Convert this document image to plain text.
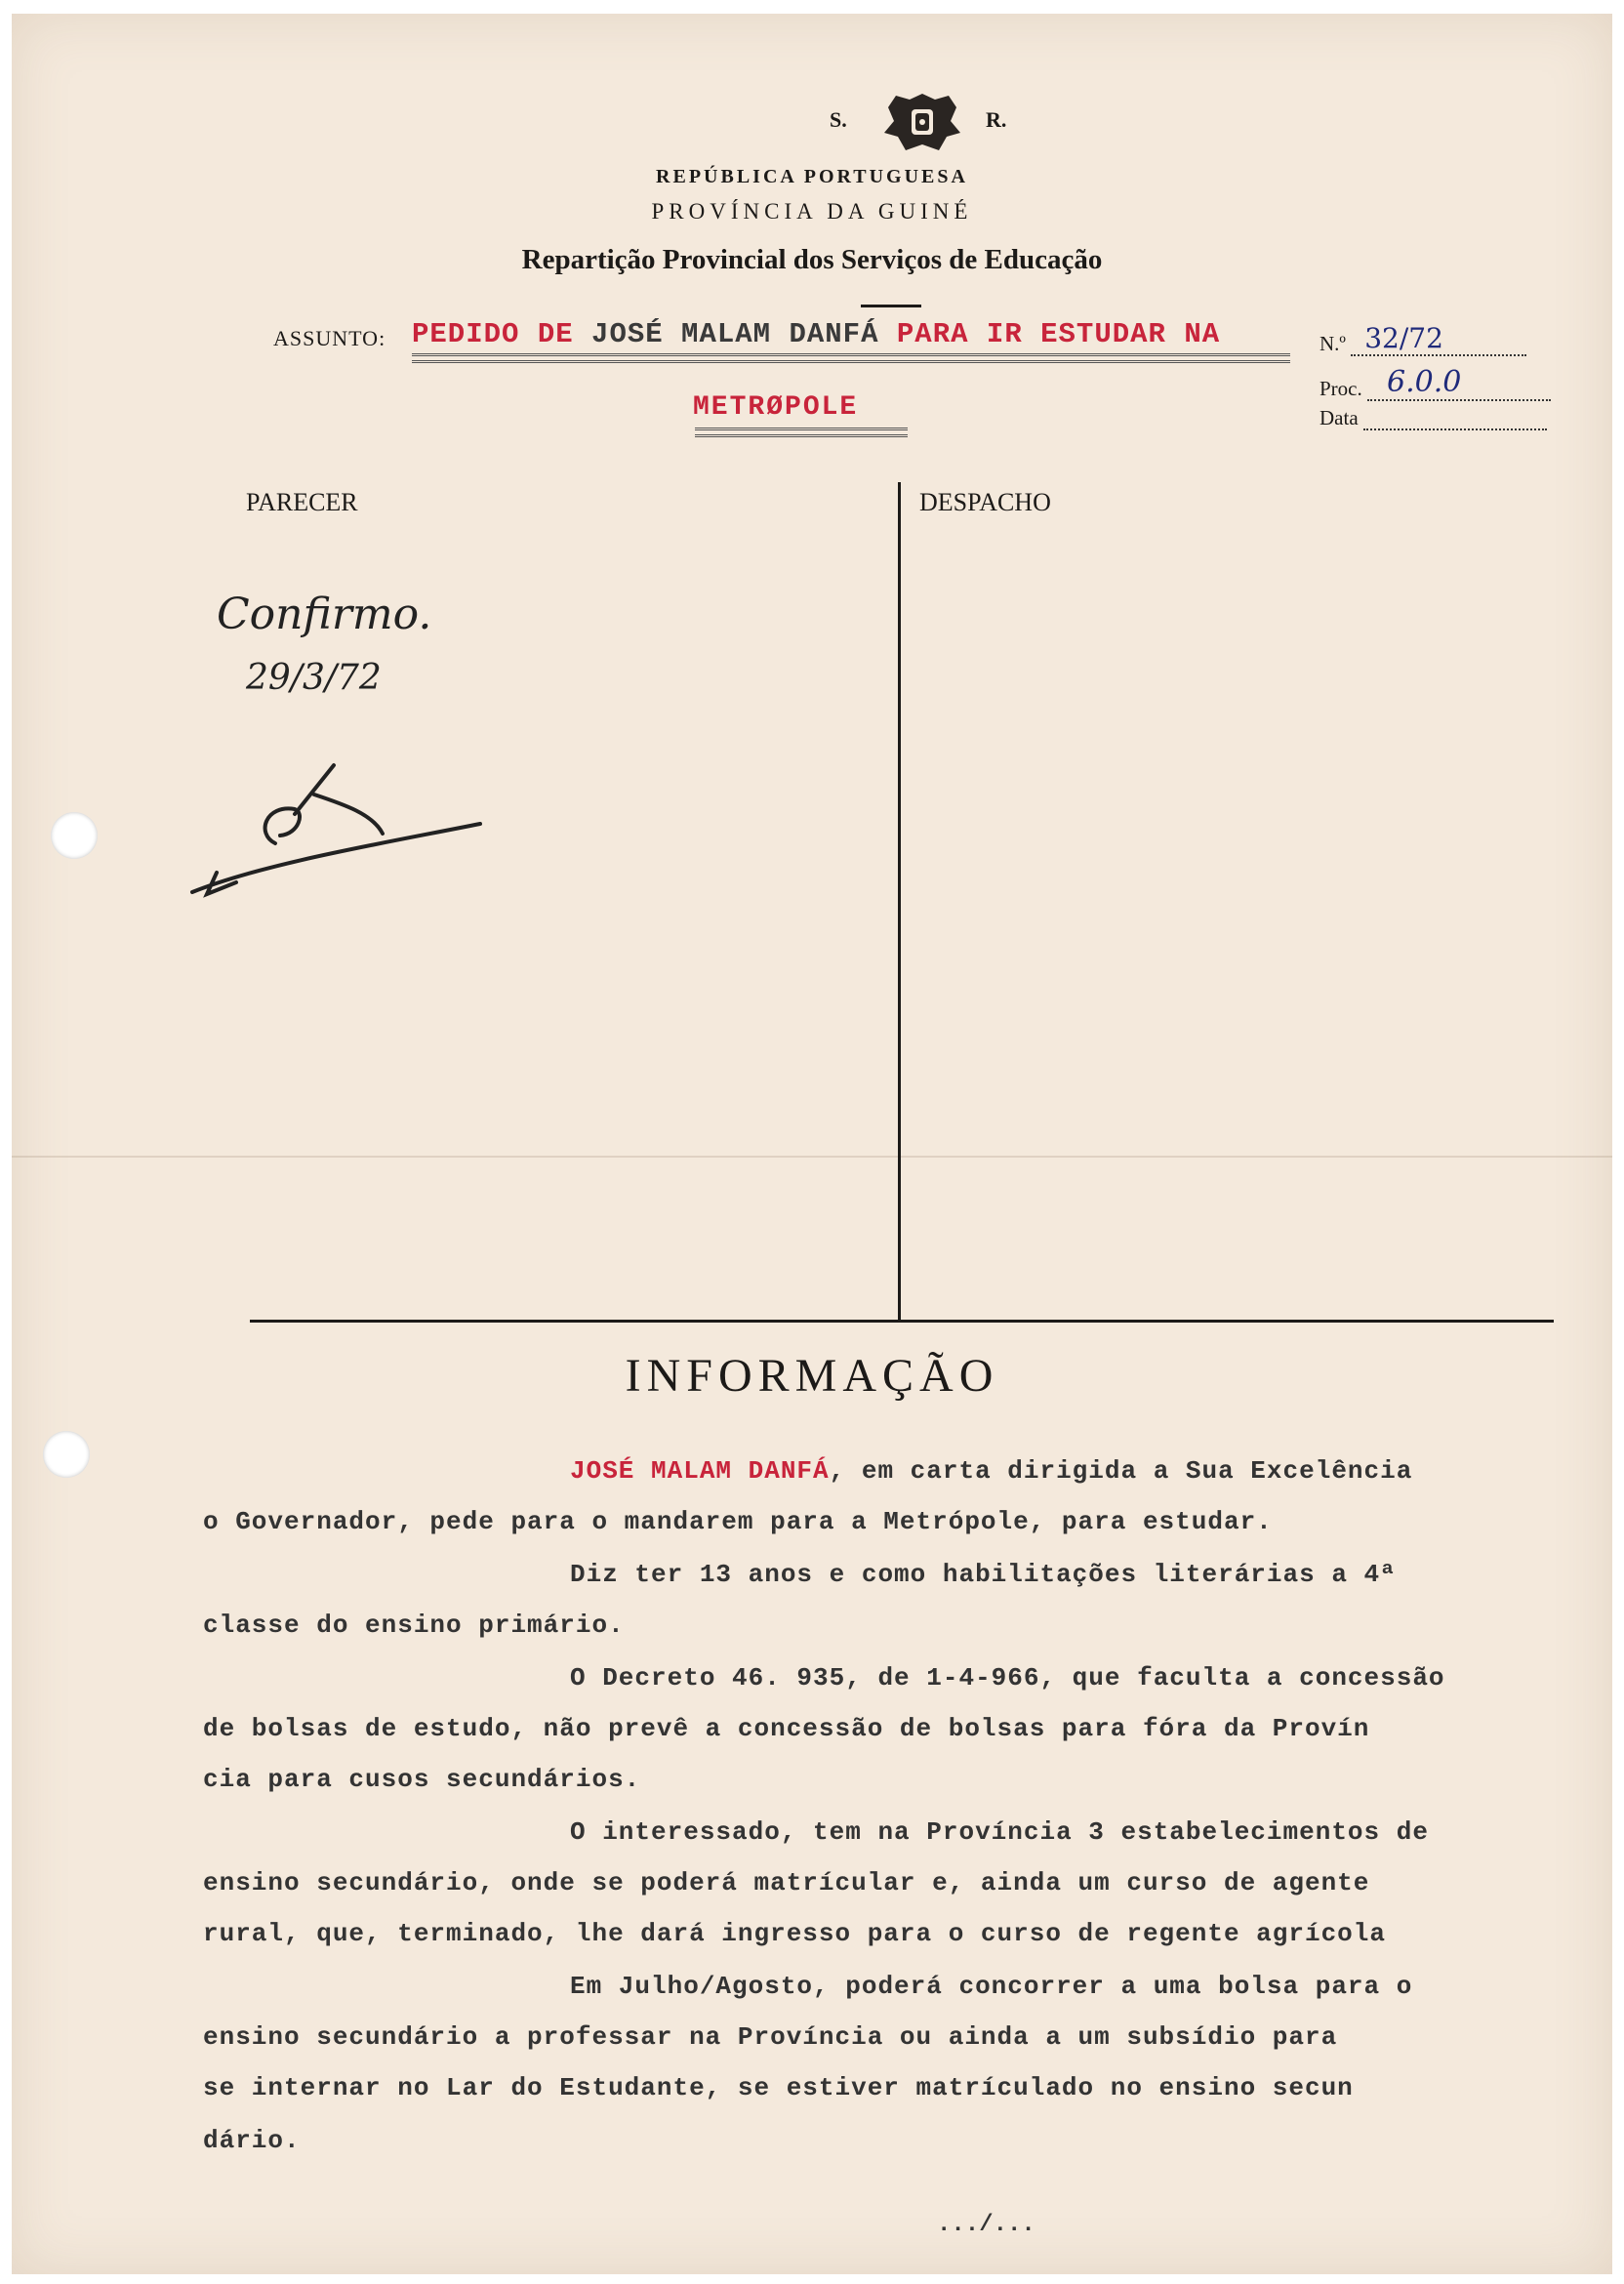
S.	R.
REPÚBLICA PORTUGUESA
PROVÍNCIA DA GUINÉ
Repartição Provincial dos Serviços de Educação
ASSUNTO: PEDIDO DE JOSÉ MALAM DANFÁ PARA IR ESTUDAR NA
METRØPOLE
N.º 32/72
Proc. 6.0.0
Data
PARECER	DESPACHO
Confirmo.
29/3/72
INFORMAÇÃO
JOSÉ MALAM DANFÁ, em carta dirigida a Sua Excelência
o Governador, pede para o mandarem para a Metrópole, para estudar.
Diz ter 13 anos e como habilitações literárias a 4ª
classe do ensino primário.
O Decreto 46. 935, de 1-4-966, que faculta a concessão
de bolsas de estudo, não prevê a concessão de bolsas para fóra da Provín
cia para cusos secundários.
O interessado, tem na Província 3 estabelecimentos de
ensino secundário, onde se poderá matrícular e, ainda um curso de agente
rural, que, terminado, lhe dará ingresso para o curso de regente agrícola
Em Julho/Agosto, poderá concorrer a uma bolsa para o
ensino secundário a professar na Província ou ainda a um subsídio para
se internar no Lar do Estudante, se estiver matrículado no ensino secun
dário.
.../...
